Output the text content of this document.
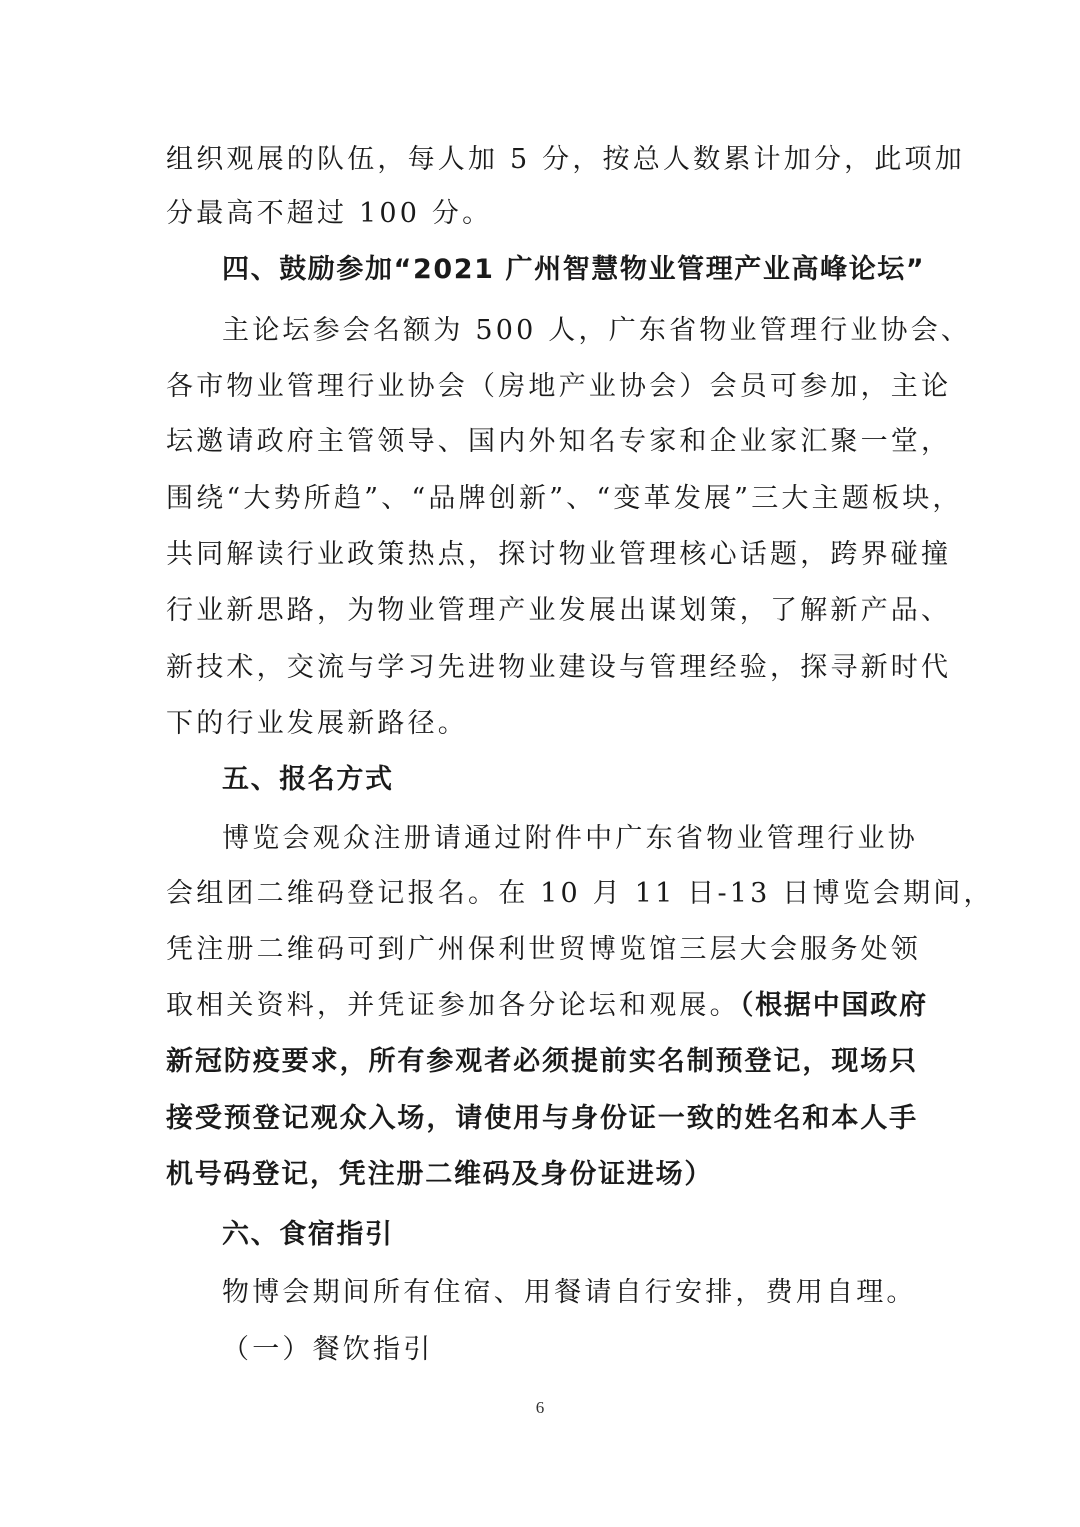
组织观展的队伍，每人加 5 分，按总人数累计加分，此项加
分最高不超过 100 分。
四、鼓励参加“2021 广州智慧物业管理产业高峰论坛”
主论坛参会名额为 500 人，广东省物业管理行业协会、
各市物业管理行业协会（房地产业协会）会员可参加，主论
坛邀请政府主管领导、国内外知名专家和企业家汇聚一堂，
围绕“大势所趋”、“品牌创新”、“变革发展”三大主题板块，
共同解读行业政策热点，探讨物业管理核心话题，跨界碰撞
行业新思路，为物业管理产业发展出谋划策，了解新产品、
新技术，交流与学习先进物业建设与管理经验，探寻新时代
下的行业发展新路径。
五、报名方式
博览会观众注册请通过附件中广东省物业管理行业协
会组团二维码登记报名。在 10 月 11 日-13 日博览会期间，
凭注册二维码可到广州保利世贸博览馆三层大会服务处领
取相关资料，并凭证参加各分论坛和观展。（根据中国政府
新冠防疫要求，所有参观者必须提前实名制预登记，现场只
接受预登记观众入场，请使用与身份证一致的姓名和本人手
机号码登记，凭注册二维码及身份证进场）
六、食宿指引
物博会期间所有住宿、用餐请自行安排，费用自理。
（一）餐饮指引
6
